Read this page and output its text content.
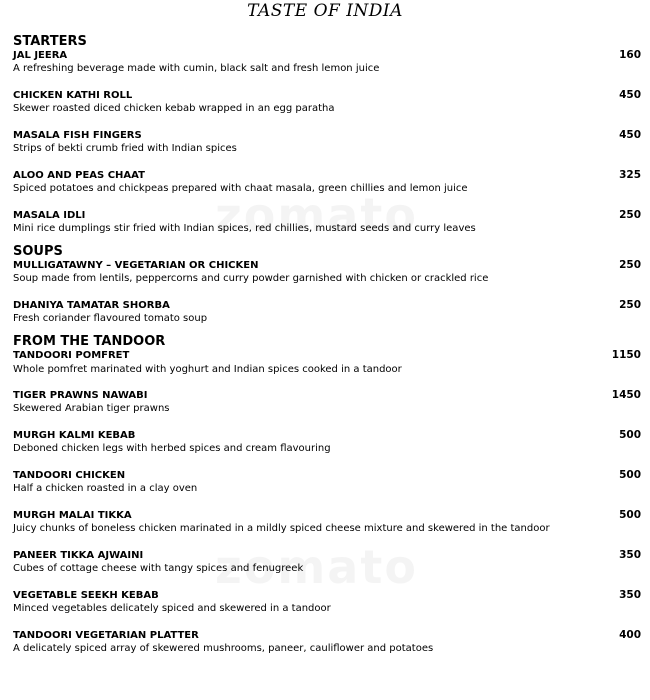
TASTE OF INDIA
STARTERS
JAL JEERA
A refreshing beverage made with cumin, black salt and fresh lemon juice
160
CHICKEN KATHI ROLL
Skewer roasted diced chicken kebab wrapped in an egg paratha
450
MASALA FISH FINGERS
Strips of bekti crumb fried with Indian spices
450
ALOO AND PEAS CHAAT
Spiced potatoes and chickpeas prepared with chaat masala, green chillies and lemon juice
325
MASALA IDLI
Mini rice dumplings stir fried with Indian spices, red chillies, mustard seeds and curry leaves
250
SOUPS
MULLIGATAWNY – VEGETARIAN OR CHICKEN
Soup made from lentils, peppercorns and curry powder garnished with chicken or crackled rice
250
DHANIYA TAMATAR SHORBA
Fresh coriander flavoured tomato soup
250
FROM THE TANDOOR
TANDOORI POMFRET
Whole pomfret marinated with yoghurt and Indian spices cooked in a tandoor
1150
TIGER PRAWNS NAWABI
Skewered Arabian tiger prawns
1450
MURGH KALMI KEBAB
Deboned chicken legs with herbed spices and cream flavouring
500
TANDOORI CHICKEN
Half a chicken roasted in a clay oven
500
MURGH MALAI TIKKA
Juicy chunks of boneless chicken marinated in a mildly spiced cheese mixture and skewered in the tandoor
500
PANEER TIKKA AJWAINI
Cubes of cottage cheese with tangy spices and fenugreek
350
VEGETABLE SEEKH KEBAB
Minced vegetables delicately spiced and skewered in a tandoor
350
TANDOORI VEGETARIAN PLATTER
A delicately spiced array of skewered mushrooms, paneer, cauliflower and potatoes
400
